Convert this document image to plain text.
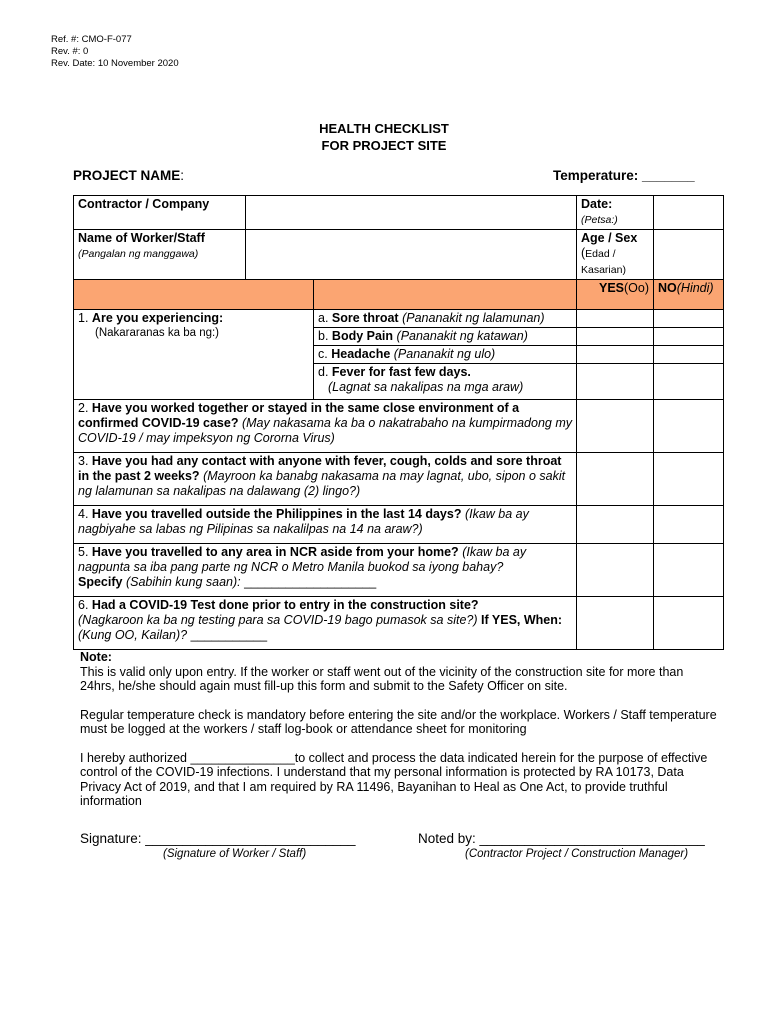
Ref. #: CMO-F-077
Rev. #: 0
Rev. Date: 10 November 2020
HEALTH CHECKLIST
FOR PROJECT SITE
PROJECT NAME:	Temperature: _______
Contractor / Company			Date: (Petsa:)	
Name of Worker/Staff
(Pangalan ng manggawa)			Age / Sex
(Edad / Kasarian)	
			YES(Oo)	NO(Hindi)
1. Are you experiencing:

(Nakararanas ka ba ng:)		a. Sore throat (Pananakit ng lalamunan)		
		b. Body Pain (Pananakit ng katawan)		
		c. Headache (Pananakit ng ulo)		
		d. Fever for fast few days.
(Lagnat sa nakalipas na mga araw)		
2. Have you worked together or stayed in the same close environment of a confirmed COVID-19 case? (May nakasama ka ba o nakatrabaho na kumpirmadong my COVID-19 / may impeksyon ng Cororna Virus)				
3. Have you had any contact with anyone with fever, cough, colds and sore throat in the past 2 weeks? (Mayroon ka banabg nakasama na may lagnat, ubo, sipon o sakit ng lalamunan sa nakalipas na dalawang (2) lingo?)				
4. Have you travelled outside the Philippines in the last 14 days? (Ikaw ba ay nagbiyahe sa labas ng Pilipinas sa nakalilpas na 14 na araw?)				
5. Have you travelled to any area in NCR aside from your home? (Ikaw ba ay nagpunta sa iba pang parte ng NCR o Metro Manila buokod sa iyong bahay?
Specify (Sabihin kung saan): ___________________				
6. Had a COVID-19 Test done prior to entry in the construction site?
(Nagkaroon ka ba ng testing para sa COVID-19 bago pumasok sa site?) If YES, When: (Kung OO, Kailan)? ___________				
Note:

This is valid only upon entry. If the worker or staff went out of the vicinity of the construction site for more than 24hrs, he/she should again must fill-up this form and submit to the Safety Officer on site.

Regular temperature check is mandatory before entering the site and/or the workplace. Workers / Staff temperature must be logged at the workers / staff log-book or attendance sheet for monitoring

I hereby authorized _______________to collect and process the data indicated herein for the purpose of effective control of the COVID-19 infections. I understand that my personal information is protected by RA 10173, Data Privacy Act of 2019, and that I am required by RA 11496, Bayanihan to Heal as One Act, to provide truthful information

Signature: ____________________________
(Signature of Worker / Staff)
Noted by: ______________________________
(Contractor Project / Construction Manager)
